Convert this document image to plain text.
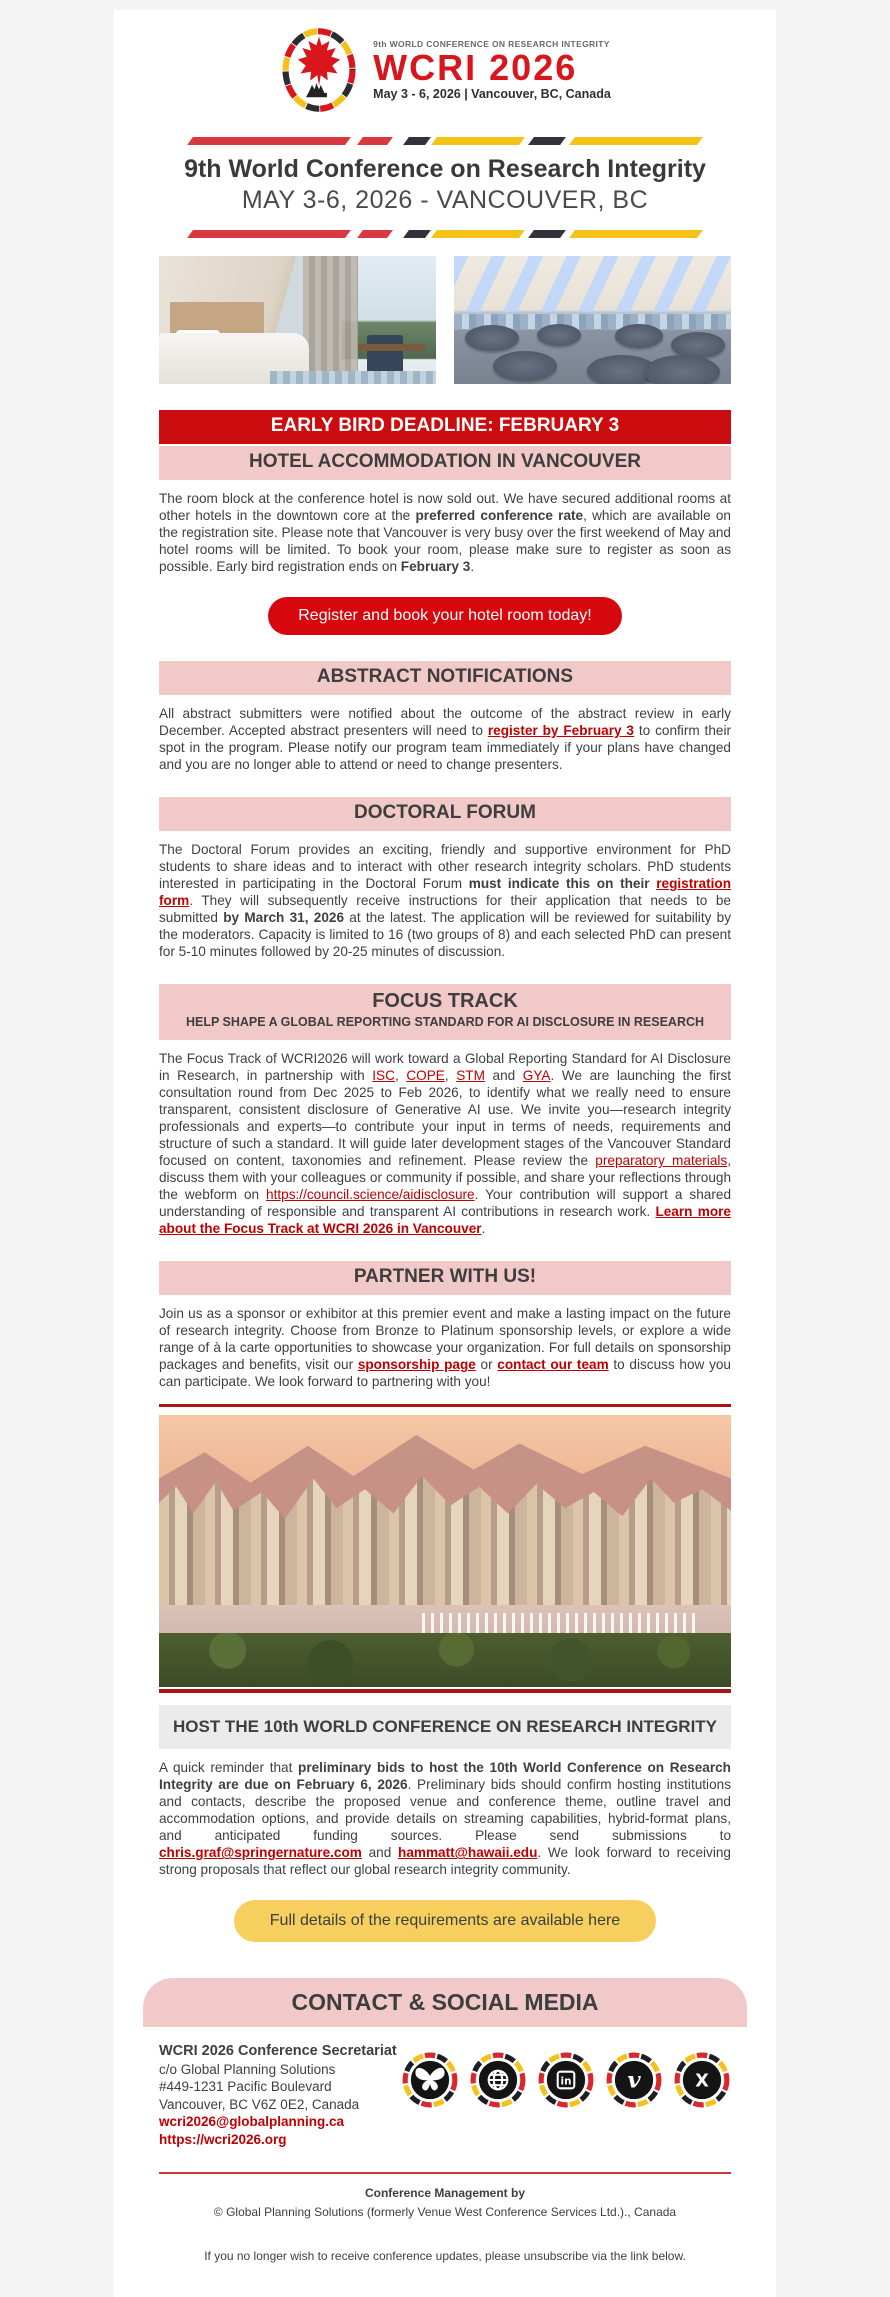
9th WORLD CONFERENCE ON RESEARCH INTEGRITY
WCRI 2026
May 3 - 6, 2026 | Vancouver, BC, Canada
9th World Conference on Research Integrity
MAY 3-6, 2026 - VANCOUVER, BC
EARLY BIRD DEADLINE: FEBRUARY 3
HOTEL ACCOMMODATION IN VANCOUVER

The room block at the conference hotel is now sold out. We have secured additional rooms at other hotels in the downtown core at the preferred conference rate, which are available on the registration site. Please note that Vancouver is very busy over the first weekend of May and hotel rooms will be limited. To book your room, please make sure to register as soon as possible. Early bird registration ends on February 3.

Register and book your hotel room today!
ABSTRACT NOTIFICATIONS

All abstract submitters were notified about the outcome of the abstract review in early December. Accepted abstract presenters will need to register by February 3 to confirm their spot in the program. Please notify our program team immediately if your plans have changed and you are no longer able to attend or need to change presenters.

DOCTORAL FORUM

The Doctoral Forum provides an exciting, friendly and supportive environment for PhD students to share ideas and to interact with other research integrity scholars. PhD students interested in participating in the Doctoral Forum must indicate this on their registration form. They will subsequently receive instructions for their application that needs to be submitted by March 31, 2026 at the latest. The application will be reviewed for suitability by the moderators. Capacity is limited to 16 (two groups of 8) and each selected PhD can present for 5-10 minutes followed by 20-25 minutes of discussion.

FOCUS TRACK
HELP SHAPE A GLOBAL REPORTING STANDARD FOR AI DISCLOSURE IN RESEARCH

The Focus Track of WCRI2026 will work toward a Global Reporting Standard for AI Disclosure in Research, in partnership with ISC, COPE, STM and GYA. We are launching the first consultation round from Dec 2025 to Feb 2026, to identify what we really need to ensure transparent, consistent disclosure of Generative AI use. We invite you—research integrity professionals and experts—to contribute your input in terms of needs, requirements and structure of such a standard. It will guide later development stages of the Vancouver Standard focused on content, taxonomies and refinement. Please review the preparatory materials, discuss them with your colleagues or community if possible, and share your reflections through the webform on https://council.science/aidisclosure. Your contribution will support a shared understanding of responsible and transparent AI contributions in research work. Learn more about the Focus Track at WCRI 2026 in Vancouver.

PARTNER WITH US!

Join us as a sponsor or exhibitor at this premier event and make a lasting impact on the future of research integrity. Choose from Bronze to Platinum sponsorship levels, or explore a wide range of à la carte opportunities to showcase your organization. For full details on sponsorship packages and benefits, visit our sponsorship page or contact our team to discuss how you can participate. We look forward to partnering with you!

HOST THE 10th WORLD CONFERENCE ON RESEARCH INTEGRITY

A quick reminder that preliminary bids to host the 10th World Conference on Research Integrity are due on February 6, 2026. Preliminary bids should confirm hosting institutions and contacts, describe the proposed venue and conference theme, outline travel and accommodation options, and provide details on streaming capabilities, hybrid-format plans, and anticipated funding sources. Please send submissions to chris.graf@springernature.com and hammatt@hawaii.edu. We look forward to receiving strong proposals that reflect our global research integrity community.

Full details of the requirements are available here
CONTACT & SOCIAL MEDIA
WCRI 2026 Conference Secretariat
c/o Global Planning Solutions
#449-1231 Pacific Boulevard
Vancouver, BC V6Z 0E2, Canada
wcri2026@globalplanning.ca
https://wcri2026.org
in	v	X
Conference Management by
© Global Planning Solutions (formerly Venue West Conference Services Ltd.)., Canada
If you no longer wish to receive conference updates, please unsubscribe via the link below.
